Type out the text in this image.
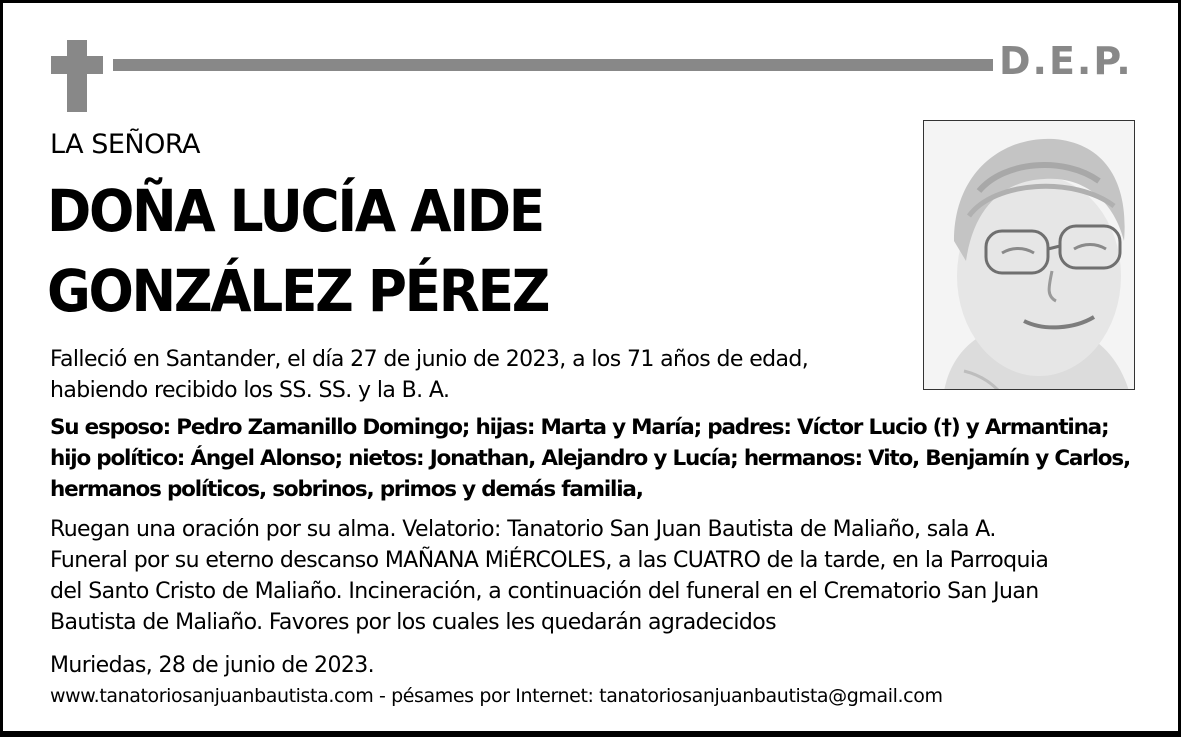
D.E.P.
LA SEÑORA
DOÑA LUCÍA AIDE
GONZÁLEZ PÉREZ
Falleció en Santander, el día 27 de junio de 2023, a los 71 años de edad,
habiendo recibido los SS. SS. y la B. A.
Su esposo: Pedro Zamanillo Domingo; hijas: Marta y María; padres: Víctor Lucio (†) y Armantina;
hijo político: Ángel Alonso; nietos: Jonathan, Alejandro y Lucía; hermanos: Vito, Benjamín y Carlos,
hermanos políticos, sobrinos, primos y demás familia,
Ruegan una oración por su alma. Velatorio: Tanatorio San Juan Bautista de Maliaño, sala A.
Funeral por su eterno descanso MAÑANA MiÉRCOLES, a las CUATRO de la tarde, en la Parroquia
del Santo Cristo de Maliaño. Incineración, a continuación del funeral en el Crematorio San Juan
Bautista de Maliaño. Favores por los cuales les quedarán agradecidos
Muriedas, 28 de junio de 2023.
www.tanatoriosanjuanbautista.com - pésames por Internet: tanatoriosanjuanbautista@gmail.com
